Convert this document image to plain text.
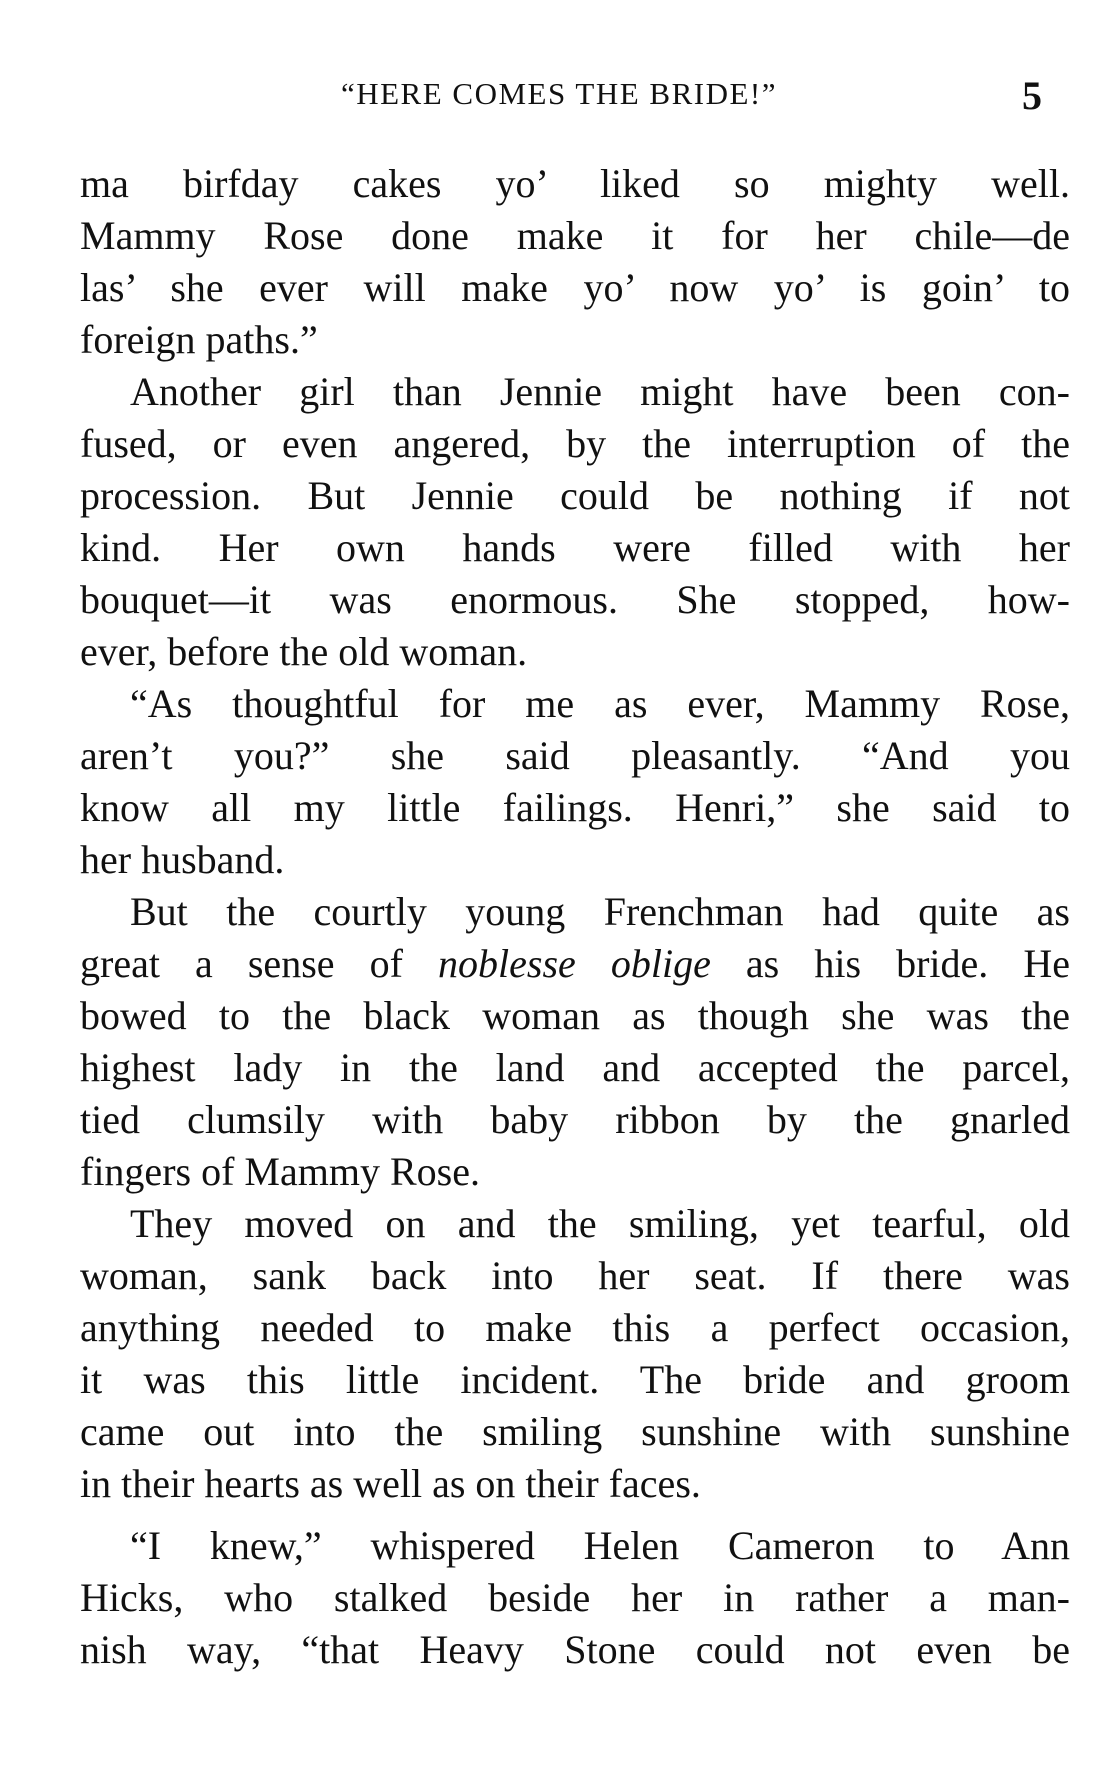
“HERE COMES THE BRIDE!”	5
ma birfday cakes yo’ liked so mighty well.
Mammy Rose done make it for her chile—de
las’ she ever will make yo’ now yo’ is goin’ to
foreign paths.”
Another girl than Jennie might have been con-
fused, or even angered, by the interruption of the
procession. But Jennie could be nothing if not
kind. Her own hands were filled with her
bouquet—it was enormous. She stopped, how-
ever, before the old woman.
“As thoughtful for me as ever, Mammy Rose,
aren’t you?” she said pleasantly. “And you
know all my little failings. Henri,” she said to
her husband.
But the courtly young Frenchman had quite as
great a sense of noblesse oblige as his bride. He
bowed to the black woman as though she was the
highest lady in the land and accepted the parcel,
tied clumsily with baby ribbon by the gnarled
fingers of Mammy Rose.
They moved on and the smiling, yet tearful, old
woman, sank back into her seat. If there was
anything needed to make this a perfect occasion,
it was this little incident. The bride and groom
came out into the smiling sunshine with sunshine
in their hearts as well as on their faces.
“I knew,” whispered Helen Cameron to Ann
Hicks, who stalked beside her in rather a man-
nish way, “that Heavy Stone could not even be
